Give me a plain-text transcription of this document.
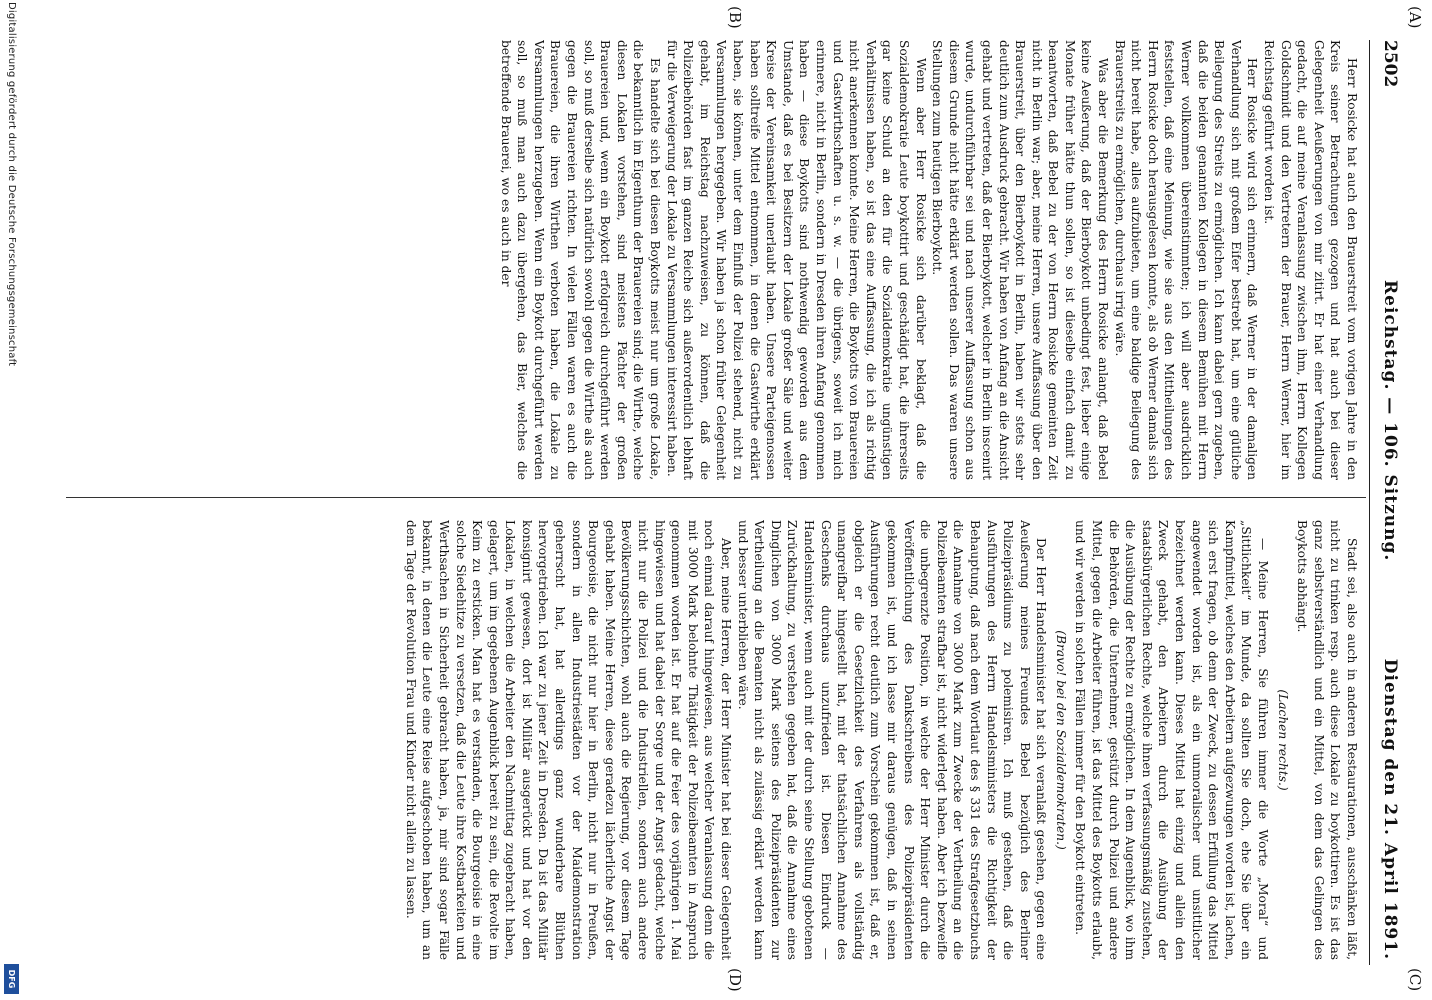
2502
Reichstag. — 106. Sitzung.
Dienstag den 21. April 1891.
(A)
(B)
(C)
(D)

Herr Rosicke hat auch den Brauerstreit vom vorigen Jahre in den Kreis seiner Betrachtungen gezogen und hat auch bei dieser Gelegenheit Aeußerungen von mir zitirt. Er hat einer Verhandlung gedacht, die auf meine Veranlassung zwischen ihm, Herrn Kollegen Goldschmidt und den Vertretern der Brauer, Herrn Werner, hier im Reichstag geführt worden ist.

Herr Rosicke wird sich erinnern, daß Werner in der damaligen Verhandlung sich mit großem Eifer bestrebt hat, um eine gütliche Beilegung des Streits zu ermöglichen. Ich kann dabei gern zugeben, daß die beiden genannten Kollegen in diesem Bemühen mit Herrn Werner vollkommen übereinstimmten; ich will aber ausdrücklich feststellen, daß eine Meinung, wie sie aus den Mittheilungen des Herrn Rosicke doch herausgelesen konnte, als ob Werner damals sich nicht bereit habe, alles aufzubieten, um eine baldige Beilegung des Brauerstreits zu ermöglichen, durchaus irrig wäre.

Was aber die Bemerkung des Herrn Rosicke anlangt, daß Bebel keine Aeußerung, daß der Bierboykott unbedingt fest, lieber einige Monate früher hätte thun sollen, so ist dieselbe einfach damit zu beantworten, daß Bebel zu der von Herrn Rosicke gemeinten Zeit nicht in Berlin war; aber, meine Herren, unsere Auffassung über den Brauerstreit, über den Bierboykott in Berlin, haben wir stets sehr deutlich zum Ausdruck gebracht. Wir haben von Anfang an die Ansicht gehabt und vertreten, daß der Bierboykott, welcher in Berlin inscenirt wurde, undurchführbar sei und nach unserer Auffassung schon aus diesem Grunde nicht hätte erklärt werden sollen. Das waren unsere Stellungen zum heutigen Bierboykott.

Wenn aber Herr Rosicke sich darüber beklagt, daß die Sozialdemokratie Leute boykottirt und geschädigt hat, die ihrerseits gar keine Schuld an den für die Sozialdemokratie ungünstigen Verhältnissen haben, so ist das eine Auffassung, die ich als richtig nicht anerkennen konnte. Meine Herren, die Boykotts von Brauereien und Gastwirthschaften u. s. w. — die übrigens, soweit ich mich erinnere, nicht in Berlin, sondern in Dresden ihren Anfang genommen haben — diese Boykotts sind nothwendig geworden aus dem Umstande, daß es bei Besitzern der Lokale großer Säle und weiter Kreise der Vereinsamkeit unerlaubt haben. Unsere Parteigenossen haben solltreife Mittel entnommen, in denen die Gastwirthe erklärt haben, sie können, unter dem Einfluß der Polizei stehend, nicht zu Versammlungen hergegeben. Wir haben ja schon früher Gelegenheit gehabt, im Reichstag nachzuweisen, zu können, daß die Polizeibehörden fast im ganzen Reiche sich außerordentlich lebhaft für die Verweigerung der Lokale zu Versammlungen interessirt haben.

Es handelte sich bei diesen Boykotts meist nur um große Lokale, die bekanntlich im Eigenthum der Brauereien sind; die Wirthe, welche diesen Lokalen vorstehen, sind meistens Pächter der großen Brauereien und, wenn ein Boykott erfolgreich durchgeführt werden soll, so muß derselbe sich natürlich sowohl gegen die Wirthe als auch gegen die Brauereien richten. In vielen Fällen waren es auch die Brauereien, die ihren Wirthen verboten haben, die Lokale zu Versammlungen herzugeben. Wenn ein Boykott durchgeführt werden soll, so muß man auch dazu übergehen, das Bier, welches die betreffende Brauerei, wo es auch in der

Stadt sei, also auch in anderen Restaurationen, ausschänken läßt, nicht zu trinken resp. auch diese Lokale zu boykottiren. Es ist das ganz selbstverständlich und ein Mittel, von dem das Gelingen des Boykotts abhängt.

(Lachen rechts.)

— Meine Herren, Sie führen immer die Worte „Moral“ und „Sittlichkeit“ im Munde, da sollten Sie doch, ehe Sie über ein Kampfmittel, welches den Arbeitern aufgezwungen worden ist, lachen, sich erst fragen, ob denn der Zweck, zu dessen Erfüllung das Mittel angewendet worden ist, als ein unmoralischer und unsittlicher bezeichnet werden kann. Dieses Mittel hat einzig und allein den Zweck gehabt, den Arbeitern durch die Ausübung der staatsbürgerlichen Rechte, welche ihnen verfassungsmäßig zustehen, die Ausübung der Rechte zu ermöglichen. In dem Augenblick, wo ihm die Behörden, die Unternehmer, gestützt durch Polizei und andere Mittel, gegen die Arbeiter führen, ist das Mittel des Boykotts erlaubt, und wir werden in solchen Fällen immer für den Boykott eintreten.

(Bravo! bei den Sozialdemokraten.)

Der Herr Handelsminister hat sich veranlaßt gesehen, gegen eine Aeußerung meines Freundes Bebel bezüglich des Berliner Polizeipräsidiums zu polemisiren. Ich muß gestehen, daß die Ausführungen des Herrn Handelsministers die Richtigkeit der Behauptung, daß nach dem Wortlaut des § 331 des Strafgesetzbuchs die Annahme von 3000 Mark zum Zwecke der Vertheilung an die Polizeibeamten strafbar ist, nicht widerlegt haben. Aber ich bezweifle die unbegrenzte Position, in welche der Herr Minister durch die Veröffentlichung des Dankschreibens des Polizeipräsidenten gekommen ist, und ich lasse mir daraus genügen, daß in seinen Ausführungen recht deutlich zum Vorschein gekommen ist, daß er, obgleich er die Gesetzlichkeit des Verfahrens als vollständig unangreifbar hingestellt hat, mit der thatsächlichen Annahme des Geschenks durchaus unzufrieden ist. Diesen Eindruck — Handelsminister, wenn auch mit der durch seine Stellung gebotenen Zurückhaltung, zu verstehen gegeben hat, daß die Annahme eines Dinglichen von 3000 Mark seitens des Polizeipräsidenten zur Vertheilung an die Beamten nicht als zulässig erklärt werden kann und besser unterblieben wäre.

Aber, meine Herren, der Herr Minister hat bei dieser Gelegenheit noch einmal darauf hingewiesen, aus welcher Veranlassung denn die mit 3000 Mark belohnte Thätigkeit der Polizeibeamten in Anspruch genommen worden ist. Er hat auf die Feier des vorjährigen 1. Mai hingewiesen und hat dabei der Sorge und der Angst gedacht, welche nicht nur die Polizei und die Industriellen, sondern auch andere Bevölkerungsschichten, wohl auch die Regierung, vor diesem Tage gehabt haben. Meine Herren, diese geradezu lächerliche Angst der Bourgeoisie, die nicht nur hier in Berlin, nicht nur in Preußen, sondern in allen Industriestädten vor der Maidemonstration geherrscht hat, hat allerdings ganz wunderbare Blüthen hervorgetrieben. Ich war zu jener Zeit in Dresden. Da ist das Militär konsignirt gewesen, dort ist Militär ausgerückt und hat vor den Lokalen, in welchen die Arbeiter den Nachmittag zugebracht haben, gelagert, um im gegebenen Augenblick bereit zu sein, die Revolte im Keim zu ersticken. Man hat es verstanden, die Bourgeoisie in eine solche Siedehitze zu versetzen, daß die Leute ihre Kostbarkeiten und Werthsachen in Sicherheit gebracht haben, ja, mir sind sogar Fälle bekannt, in denen die Leute eine Reise aufgeschoben haben, um an dem Tage der Revolution Frau und Kinder nicht allein zu lassen.

Digitalisierung gefördert durch die Deutsche Forschungsgemeinschaft
DFG
